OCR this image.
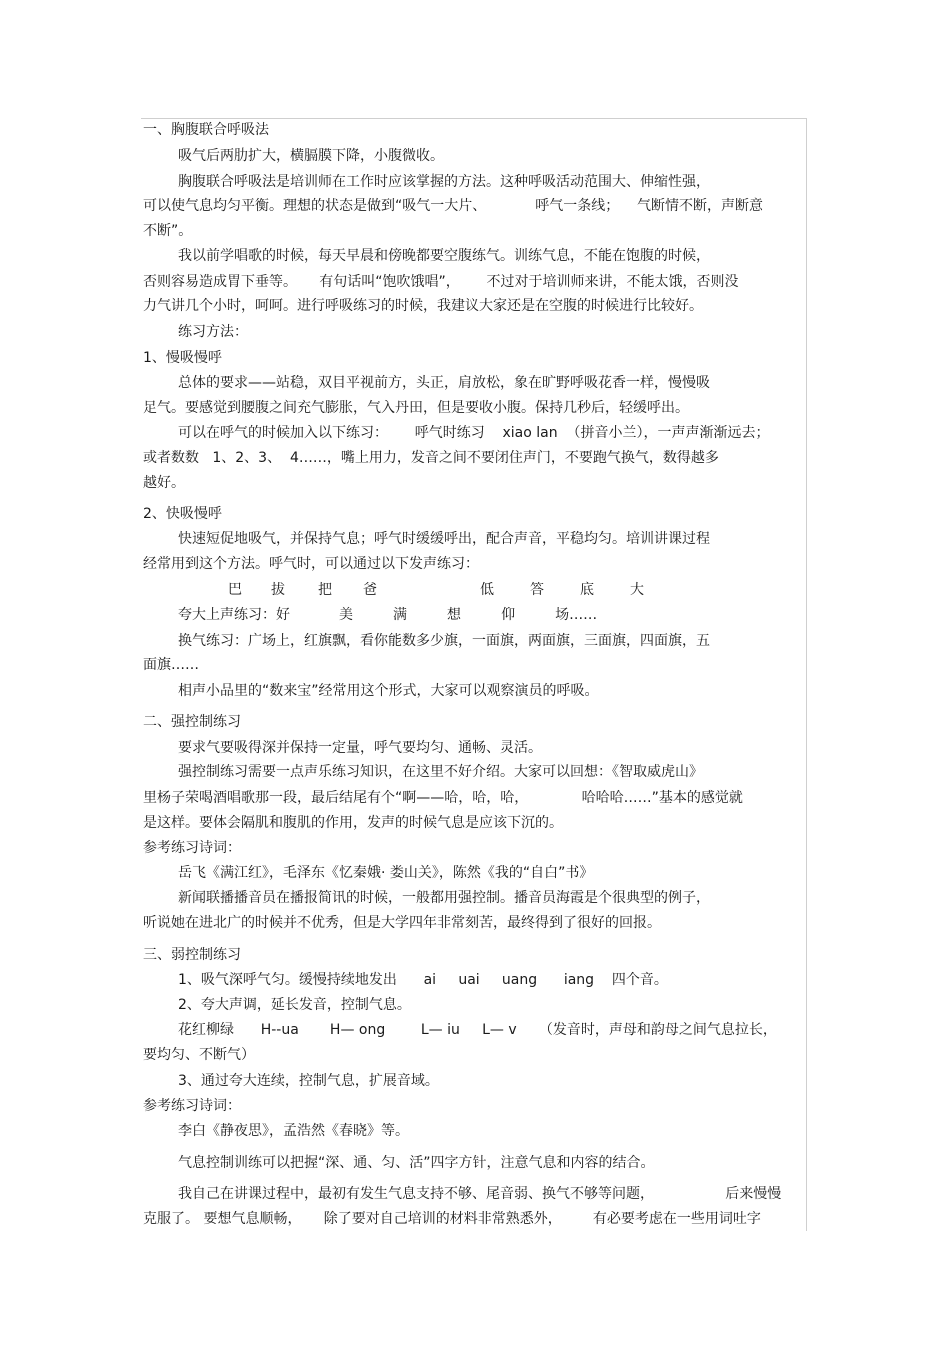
一、胸腹联合呼吸法
吸气后两肋扩大，横膈膜下降，小腹微收。
胸腹联合呼吸法是培训师在工作时应该掌握的方法。这种呼吸活动范围大、伸缩性强，
可以使气息均匀平衡。理想的状态是做到“吸气一大片、           呼气一条线；    气断情不断，声断意
不断”。
我以前学唱歌的时候，每天早晨和傍晚都要空腹练气。训练气息，不能在饱腹的时候，
否则容易造成胃下垂等。     有句话叫“饱吹饿唱”，      不过对于培训师来讲，不能太饿，否则没
力气讲几个小时，呵呵。进行呼吸练习的时候，我建议大家还是在空腹的时候进行比较好。
练习方法：
1、慢吸慢呼
总体的要求——站稳，双目平视前方，头正，肩放松，象在旷野呼吸花香一样，慢慢吸
足气。要感觉到腰腹之间充气膨胀，气入丹田，但是要收小腹。保持几秒后，轻缓呼出。
可以在呼气的时候加入以下练习：      呼气时练习    xiao lan  （拼音小兰），一声声渐渐远去；
或者数数   1、2、3、  4……，嘴上用力，发音之间不要闭住声门，不要跑气换气，数得越多
越好。
2、快吸慢呼
快速短促地吸气，并保持气息；呼气时缓缓呼出，配合声音，平稳均匀。培训讲课过程
经常用到这个方法。呼气时，可以通过以下发声练习：
巴 拔 把 爸	低	答	底	大
夸大上声练习：好           美         满         想         仰         场……
换气练习：广场上，红旗飘，看你能数多少旗，一面旗，两面旗，三面旗，四面旗，五
面旗……
相声小品里的“数来宝”经常用这个形式，大家可以观察演员的呼吸。
二、强控制练习
要求气要吸得深并保持一定量，呼气要均匀、通畅、灵活。
强控制练习需要一点声乐练习知识，在这里不好介绍。大家可以回想：《智取威虎山》
里杨子荣喝酒唱歌那一段，最后结尾有个“啊——哈，哈，哈，            哈哈哈……”基本的感觉就
是这样。要体会隔肌和腹肌的作用，发声的时候气息是应该下沉的。
参考练习诗词：
岳飞《满江红》，毛泽东《忆秦娥· 娄山关》，陈然《我的“自白”书》
新闻联播播音员在播报简讯的时候，一般都用强控制。播音员海霞是个很典型的例子，
听说她在进北广的时候并不优秀，但是大学四年非常刻苦，最终得到了很好的回报。
三、弱控制练习
1、吸气深呼气匀。缓慢持续地发出      ai     uai     uang      iang    四个音。
2、夸大声调，延长发音，控制气息。
花红柳绿      H--ua       H— ong        L— iu     L— v     （发音时，声母和韵母之间气息拉长，
要均匀、不断气）
3、通过夸大连续，控制气息，扩展音域。
参考练习诗词：
李白《静夜思》，孟浩然《春晓》等。
气息控制训练可以把握“深、通、匀、活”四字方针，注意气息和内容的结合。
我自己在讲课过程中，最初有发生气息支持不够、尾音弱、换气不够等问题，                后来慢慢
克服了。 要想气息顺畅，     除了要对自己培训的材料非常熟悉外，       有必要考虑在一些用词吐字
